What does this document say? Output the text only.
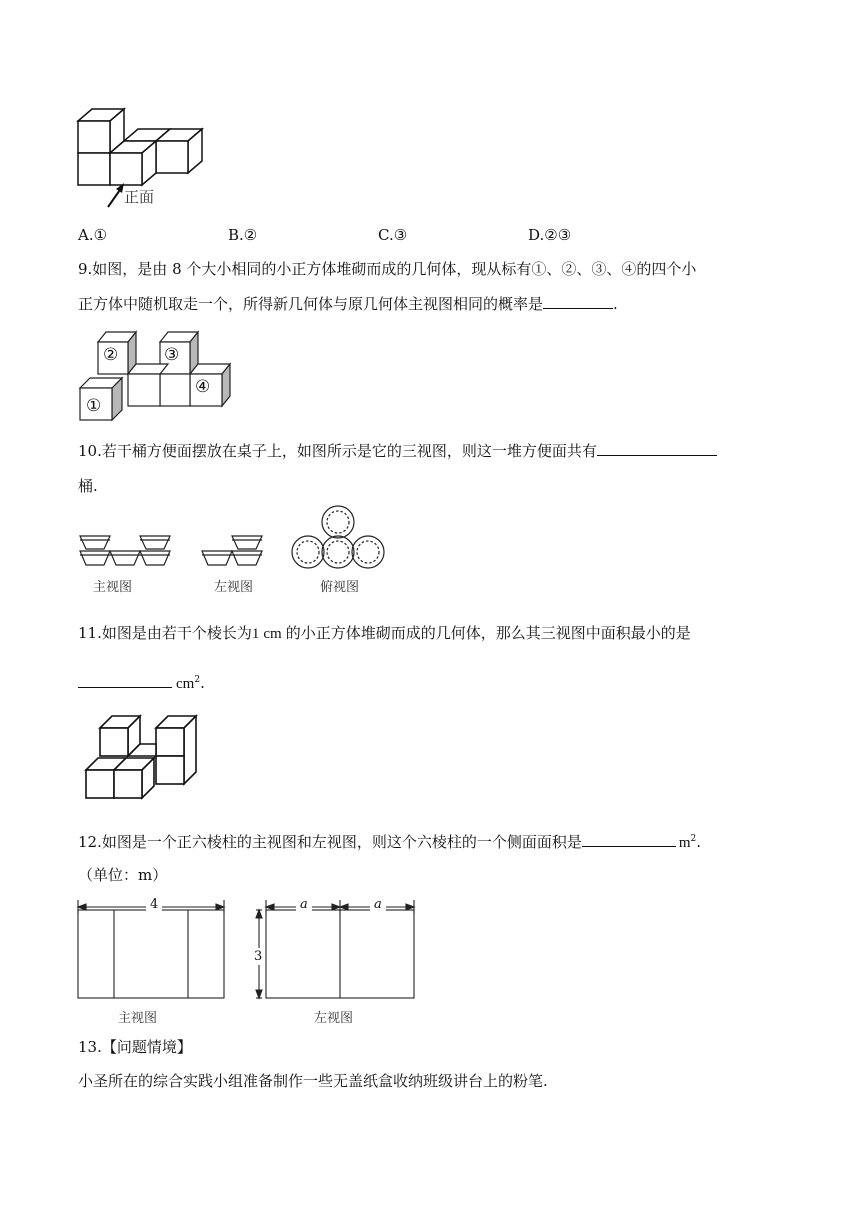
正面
A.①	B.②	C.③	D.②③
9.如图，是由 8 个大小相同的小正方体堆砌而成的几何体，现从标有①、②、③、④的四个小
正方体中随机取走一个，所得新几何体与原几何体主视图相同的概率是	.
②	③
④
①
10.若干桶方便面摆放在桌子上，如图所示是它的三视图，则这一堆方便面共有
桶.
主视图	左视图	俯视图
11.如图是由若干个棱长为1 cm 的小正方体堆砌而成的几何体，那么其三视图中面积最小的是
$cm^2$.
12.如图是一个正六棱柱的主视图和左视图，则这个六棱柱的一个侧面面积是	$m^2$.
（单位：m）
4
主视图
a	a
3
左视图
13.【问题情境】
小圣所在的综合实践小组准备制作一些无盖纸盒收纳班级讲台上的粉笔.
